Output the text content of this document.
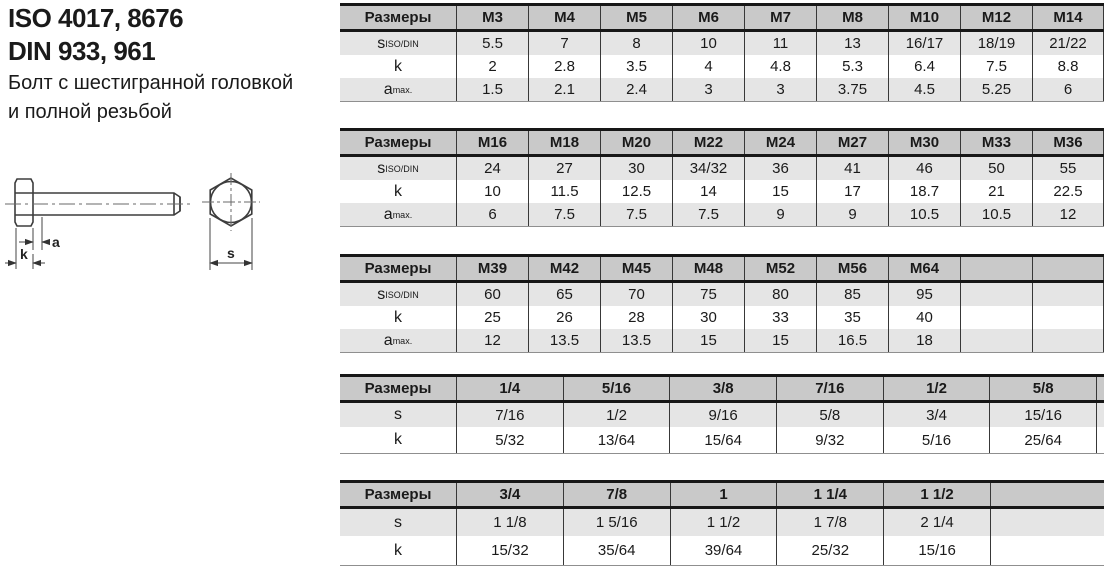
ISO 4017, 8676
DIN 933, 961
Болт с шестигранной головкой
и полной резьбой
a
k	s
Размеры	M3	M4	M5	M6	M7	M8	M10	M12	M14
s ISO/DIN	5.5	7	8	10	11	13	16/17	18/19	21/22
k	2	2.8	3.5	4	4.8	5.3	6.4	7.5	8.8
a max.	1.5	2.1	2.4	3	3	3.75	4.5	5.25	6
Размеры	M16	M18	M20	M22	M24	M27	M30	M33	M36
s ISO/DIN	24	27	30	34/32	36	41	46	50	55
k	10	11.5	12.5	14	15	17	18.7	21	22.5
a max.	6	7.5	7.5	7.5	9	9	10.5	10.5	12
Размеры	M39	M42	M45	M48	M52	M56	M64
s ISO/DIN	60	65	70	75	80	85	95
k	25	26	28	30	33	35	40
a max.	12	13.5	13.5	15	15	16.5	18
Размеры	1/4	5/16	3/8	7/16	1/2	5/8
s	7/16	1/2	9/16	5/8	3/4	15/16
k	5/32	13/64	15/64	9/32	5/16	25/64
Размеры	3/4	7/8	1	1 1/4	1 1/2
s	1 1/8	1 5/16	1 1/2	1 7/8	2 1/4
k	15/32	35/64	39/64	25/32	15/16
